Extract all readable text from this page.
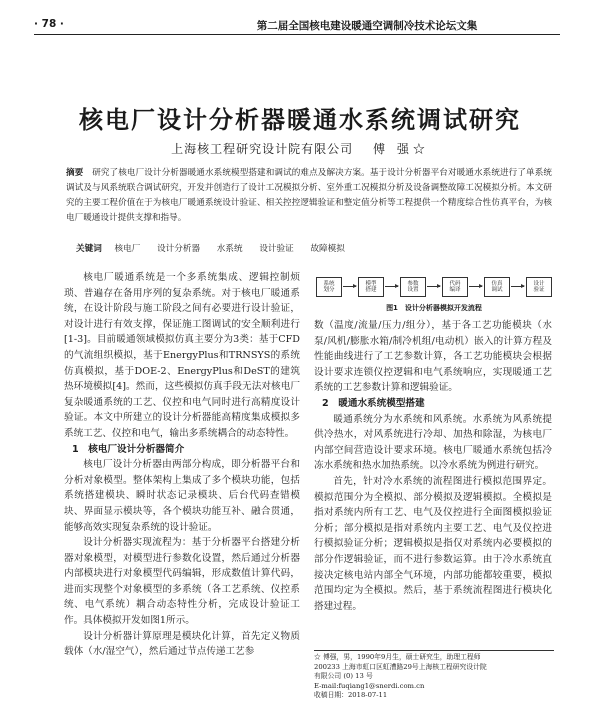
· 78 ·	第二届全国核电建设暖通空调制冷技术论坛文集
核电厂设计分析器暖通水系统调试研究
上海核工程研究设计院有限公司 傅 强☆
摘要 研究了核电厂设计分析器暖通水系统模型搭建和调试的难点及解决方案。基于设计分析器平台对暖通水系统进行了单系统调试及与风系统联合调试研究，开发并创造行了设计工况模拟分析、室外重工况模拟分析及设备调整故障工况模拟分析。本文研究的主要工程价值在于为核电厂暖通系统设计验证、相关控控逻辑验证和整定值分析等工程提供一个精度综合性仿真平台，为核电厂暖通设计提供支撑和指导。
关键词 核电厂 设计分析器 水系统 设计验证 故障模拟

核电厂暖通系统是一个多系统集成、逻辑控制烦琐、普遍存在备用序列的复杂系统。对于核电厂暖通系统，在设计阶段与施工阶段之间有必要进行设计验证，对设计进行有效支撑，保证施工图调试的安全顺利进行[1-3]。目前暖通领域模拟仿真主要分为3类：基于CFD的气流组织模拟，基于EnergyPlus和TRNSYS的系统仿真模拟，基于DOE-2、EnergyPlus和DeST的建筑热环境模拟[4]。然而，这些模拟仿真手段无法对核电厂复杂暖通系统的工艺、仪控和电气同时进行高精度设计验证。本文中所建立的设计分析器能高精度集成模拟多系统工艺、仪控和电气，输出多系统耦合的动态特性。

1　核电厂设计分析器简介

核电厂设计分析器由两部分构成，即分析器平台和分析对象模型。整体架构上集成了多个模块功能，包括系统搭建模块、瞬时状态记录模块、后台代码查错模块、界面显示模块等，各个模块功能互补、融合贯通，能够高效实现复杂系统的设计验证。

设计分析器实现流程为：基于分析器平台搭建分析器对象模型，对模型进行参数化设置，然后通过分析器内部模块进行对象模型代码编辑，形成数值计算代码，进而实现整个对象模型的多系统（各工艺系统、仪控系统、电气系统）耦合动态特性分析，完成设计验证工作。具体模拟开发如图1所示。

设计分析器计算原理是模块化计算，首先定义物质载体（水/湿空气），然后通过节点传递工艺参

系统
划分
模型
搭建
参数
设置
代码
编译
仿真
调试
设计
验证
图1　设计分析器模拟开发流程

数（温度/流量/压力/组分），基于各工艺功能模块（水泵/风机/膨胀水箱/制冷机组/电动机）嵌入的计算方程及性能曲线进行了工艺参数计算，各工艺功能模块会根据设计要求连锁仪控逻辑和电气系统响应，实现暖通工艺系统的工艺参数计算和逻辑验证。

2　暖通水系统模型搭建

暖通系统分为水系统和风系统。水系统为风系统提供冷热水，对风系统进行冷却、加热和除湿，为核电厂内部空间营造设计要求环境。核电厂暖通水系统包括冷冻水系统和热水加热系统。以冷水系统为例进行研究。

首先，针对冷水系统的流程图进行模拟范围界定。模拟范围分为全模拟、部分模拟及逻辑模拟。全模拟是指对系统内所有工艺、电气及仪控进行全面图模拟验证分析；部分模拟是指对系统内主要工艺、电气及仪控进行模拟验证分析；逻辑模拟是指仅对系统内必要模拟的部分作逻辑验证，而不进行参数运算。由于冷水系统直接决定核电站内部全气环境，内部功能都较重要，模拟范围均定为全模拟。然后，基于系统流程图进行模块化搭建过程。

☆ 傅强，男，1990年9月生，硕士研究生，助理工程师
200233 上海市虹口区虹漕路29号上海核工程研究设计院
有限公司 (0) 13 号
E-mail:fuqiang1@snerdi.com.cn
收稿日期：2018-07-11
